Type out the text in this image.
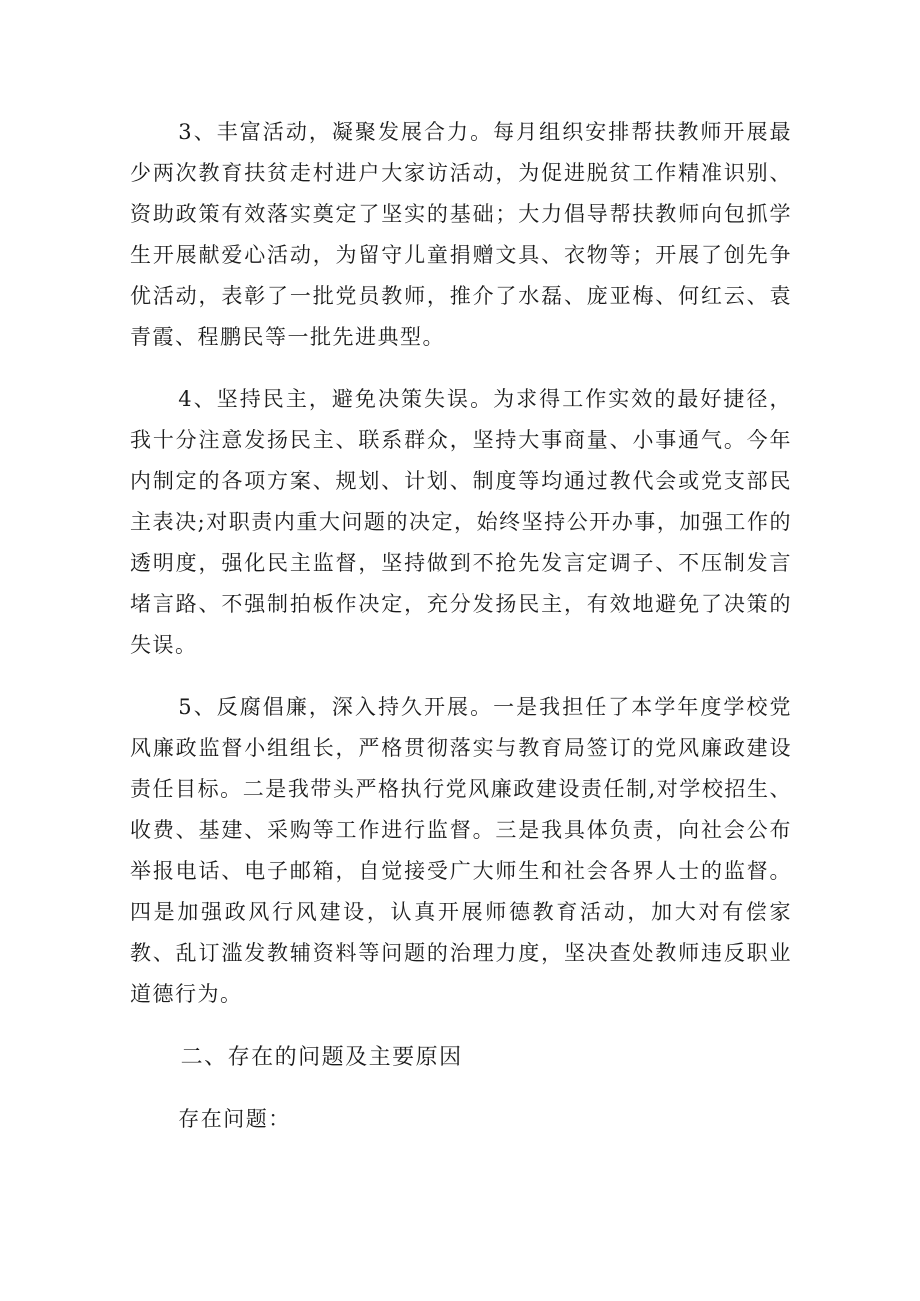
3、丰富活动，凝聚发展合力。每月组织安排帮扶教师开展最少两次教育扶贫走村进户大家访活动，为促进脱贫工作精准识别、资助政策有效落实奠定了坚实的基础；大力倡导帮扶教师向包抓学生开展献爱心活动，为留守儿童捐赠文具、衣物等；开展了创先争优活动，表彰了一批党员教师，推介了水磊、庞亚梅、何红云、袁青霞、程鹏民等一批先进典型。

4、坚持民主，避免决策失误。为求得工作实效的最好捷径，我十分注意发扬民主、联系群众，坚持大事商量、小事通气。今年内制定的各项方案、规划、计划、制度等均通过教代会或党支部民主表决;对职责内重大问题的决定，始终坚持公开办事，加强工作的透明度，强化民主监督，坚持做到不抢先发言定调子、不压制发言堵言路、不强制拍板作决定，充分发扬民主，有效地避免了决策的失误。

5、反腐倡廉，深入持久开展。一是我担任了本学年度学校党风廉政监督小组组长，严格贯彻落实与教育局签订的党风廉政建设责任目标。二是我带头严格执行党风廉政建设责任制,对学校招生、收费、基建、采购等工作进行监督。三是我具体负责，向社会公布举报电话、电子邮箱，自觉接受广大师生和社会各界人士的监督。四是加强政风行风建设，认真开展师德教育活动，加大对有偿家教、乱订滥发教辅资料等问题的治理力度，坚决查处教师违反职业道德行为。

二、存在的问题及主要原因

存在问题：
